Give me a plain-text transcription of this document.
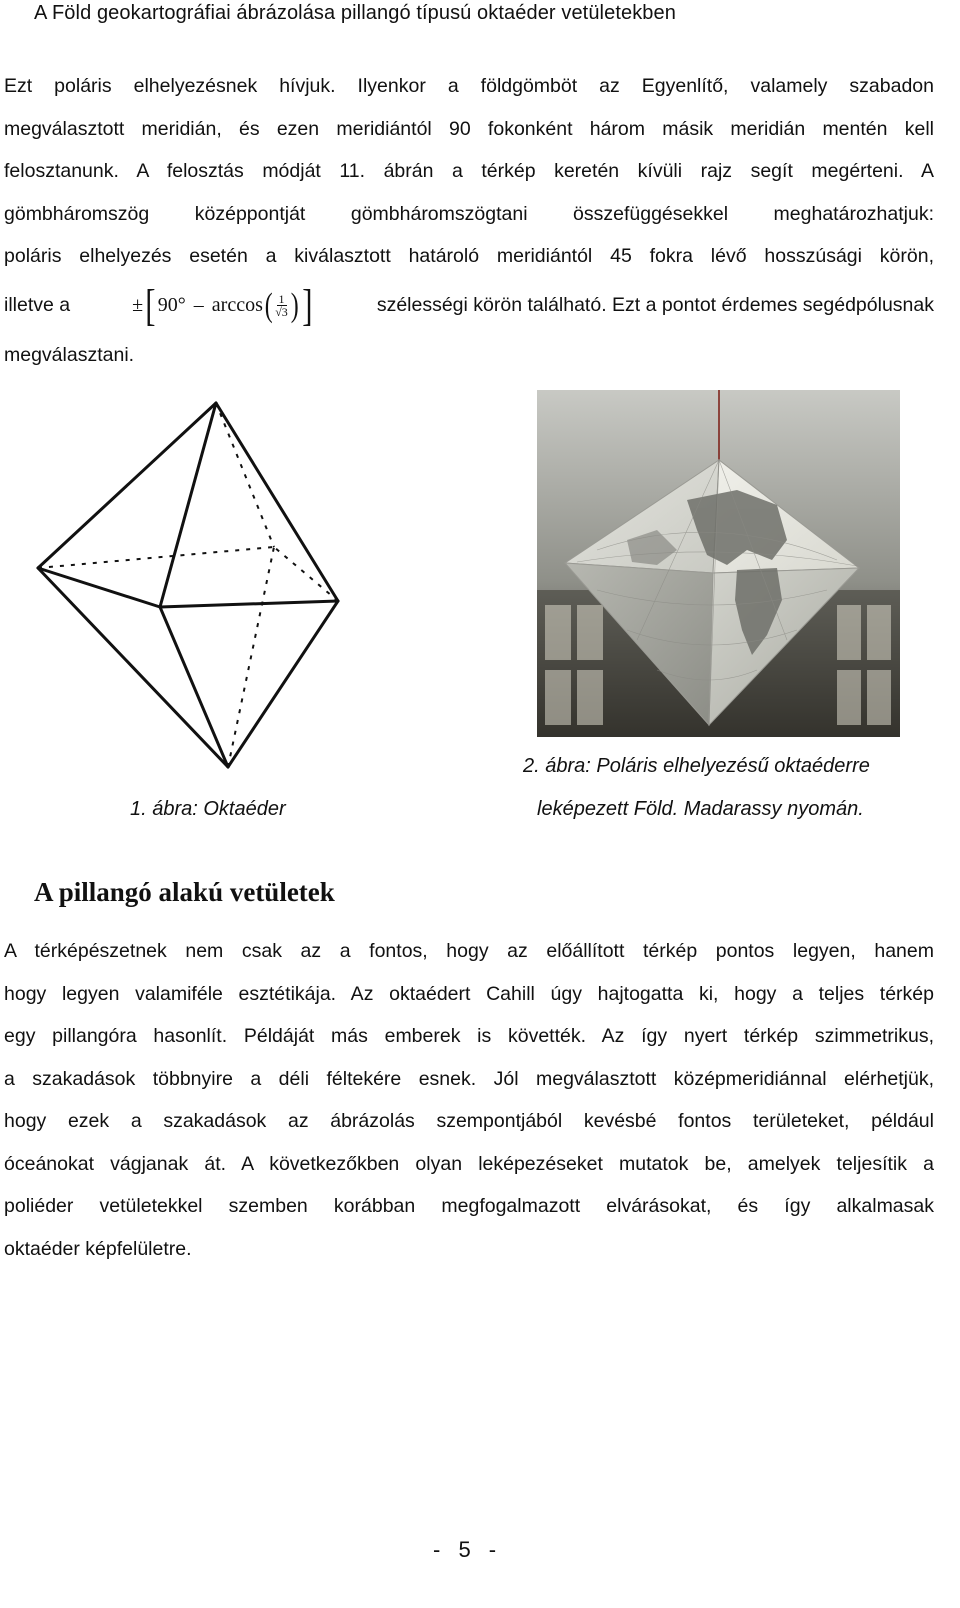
A Föld geokartográfiai ábrázolása pillangó típusú oktaéder vetületekben
Ezt poláris elhelyezésnek hívjuk. Ilyenkor a földgömböt az Egyenlítő, valamely szabadon
megválasztott meridián, és ezen meridiántól 90 fokonként három másik meridián mentén kell
felosztanunk. A felosztás módját 11. ábrán a térkép keretén kívüli rajz segít megérteni. A
gömbháromszög középpontját gömbháromszögtani összefüggésekkel meghatározhatjuk:
poláris elhelyezés esetén a kiválasztott határoló meridiántól 45 fokra lévő hosszúsági körön,
illetve a	± [ 90° – arccos ( $\frac{1}{√3}$ ) ]	szélességi körön található. Ezt a pontot érdemes segédpólusnak
megválasztani.
1. ábra: Oktaéder
2. ábra: Poláris elhelyezésű oktaéderre
leképezett Föld. Madarassy nyomán.
A pillangó alakú vetületek
A térképészetnek nem csak az a fontos, hogy az előállított térkép pontos legyen, hanem
hogy legyen valamiféle esztétikája. Az oktaédert Cahill úgy hajtogatta ki, hogy a teljes térkép
egy pillangóra hasonlít. Példáját más emberek is követték. Az így nyert térkép szimmetrikus,
a szakadások többnyire a déli féltekére esnek. Jól megválasztott középmeridiánnal elérhetjük,
hogy ezek a szakadások az ábrázolás szempontjából kevésbé fontos területeket, például
óceánokat vágjanak át. A következőkben olyan leképezéseket mutatok be, amelyek teljesítik a
poliéder vetületekkel szemben korábban megfogalmazott elvárásokat, és így alkalmasak
oktaéder képfelületre.
- 5 -
